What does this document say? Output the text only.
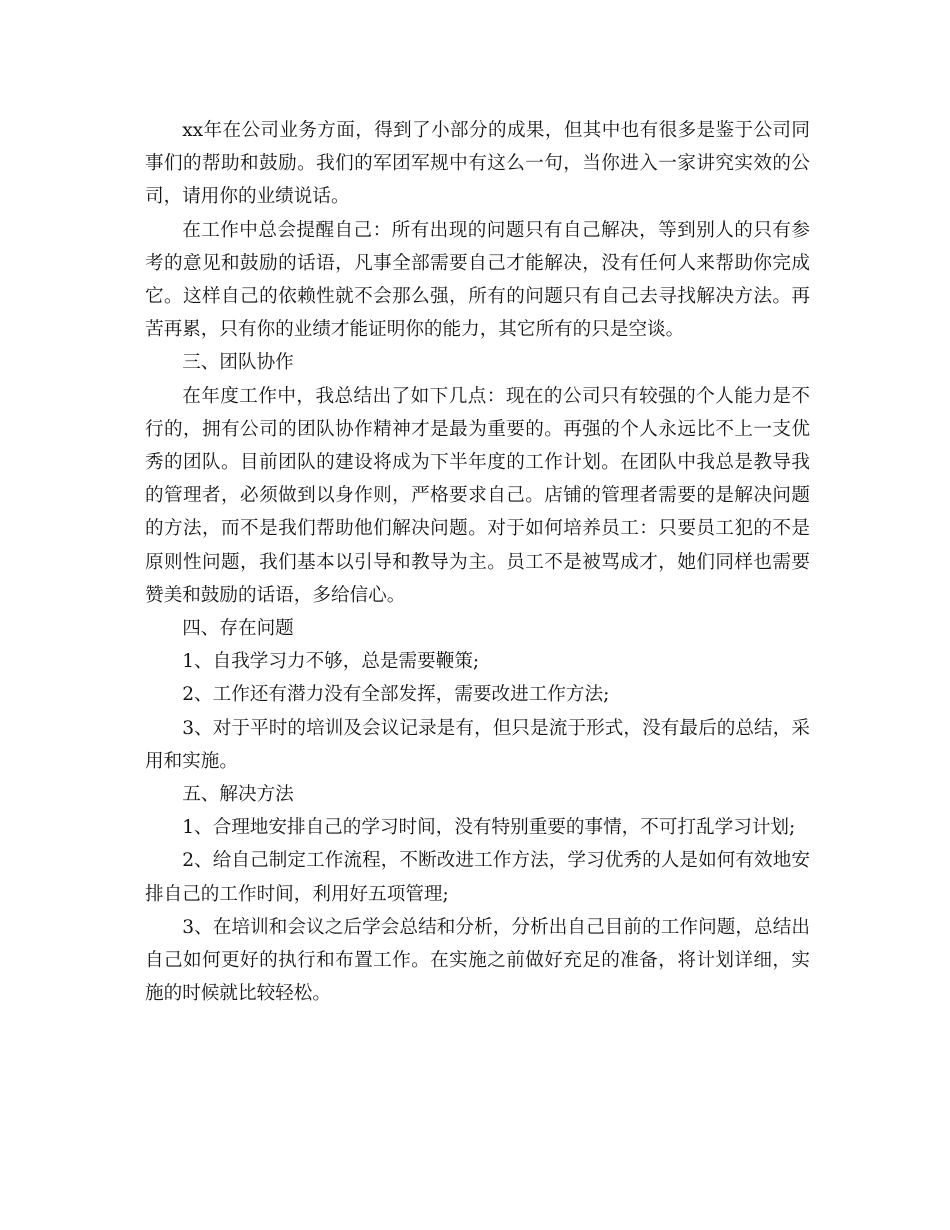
xx年在公司业务方面，得到了小部分的成果，但其中也有很多是鉴于公司同事们的帮助和鼓励。我们的军团军规中有这么一句，当你进入一家讲究实效的公司，请用你的业绩说话。

在工作中总会提醒自己：所有出现的问题只有自己解决，等到别人的只有参考的意见和鼓励的话语，凡事全部需要自己才能解决，没有任何人来帮助你完成它。这样自己的依赖性就不会那么强，所有的问题只有自己去寻找解决方法。再苦再累，只有你的业绩才能证明你的能力，其它所有的只是空谈。

三、团队协作

在年度工作中，我总结出了如下几点：现在的公司只有较强的个人能力是不行的，拥有公司的团队协作精神才是最为重要的。再强的个人永远比不上一支优秀的团队。目前团队的建设将成为下半年度的工作计划。在团队中我总是教导我的管理者，必须做到以身作则，严格要求自己。店铺的管理者需要的是解决问题的方法，而不是我们帮助他们解决问题。对于如何培养员工：只要员工犯的不是原则性问题，我们基本以引导和教导为主。员工不是被骂成才，她们同样也需要赞美和鼓励的话语，多给信心。

四、存在问题

1、自我学习力不够，总是需要鞭策;

2、工作还有潜力没有全部发挥，需要改进工作方法;

3、对于平时的培训及会议记录是有，但只是流于形式，没有最后的总结，采用和实施。

五、解决方法

1、合理地安排自己的学习时间，没有特别重要的事情，不可打乱学习计划;

2、给自己制定工作流程，不断改进工作方法，学习优秀的人是如何有效地安排自己的工作时间，利用好五项管理;

3、在培训和会议之后学会总结和分析，分析出自己目前的工作问题，总结出自己如何更好的执行和布置工作。在实施之前做好充足的准备，将计划详细，实施的时候就比较轻松。
